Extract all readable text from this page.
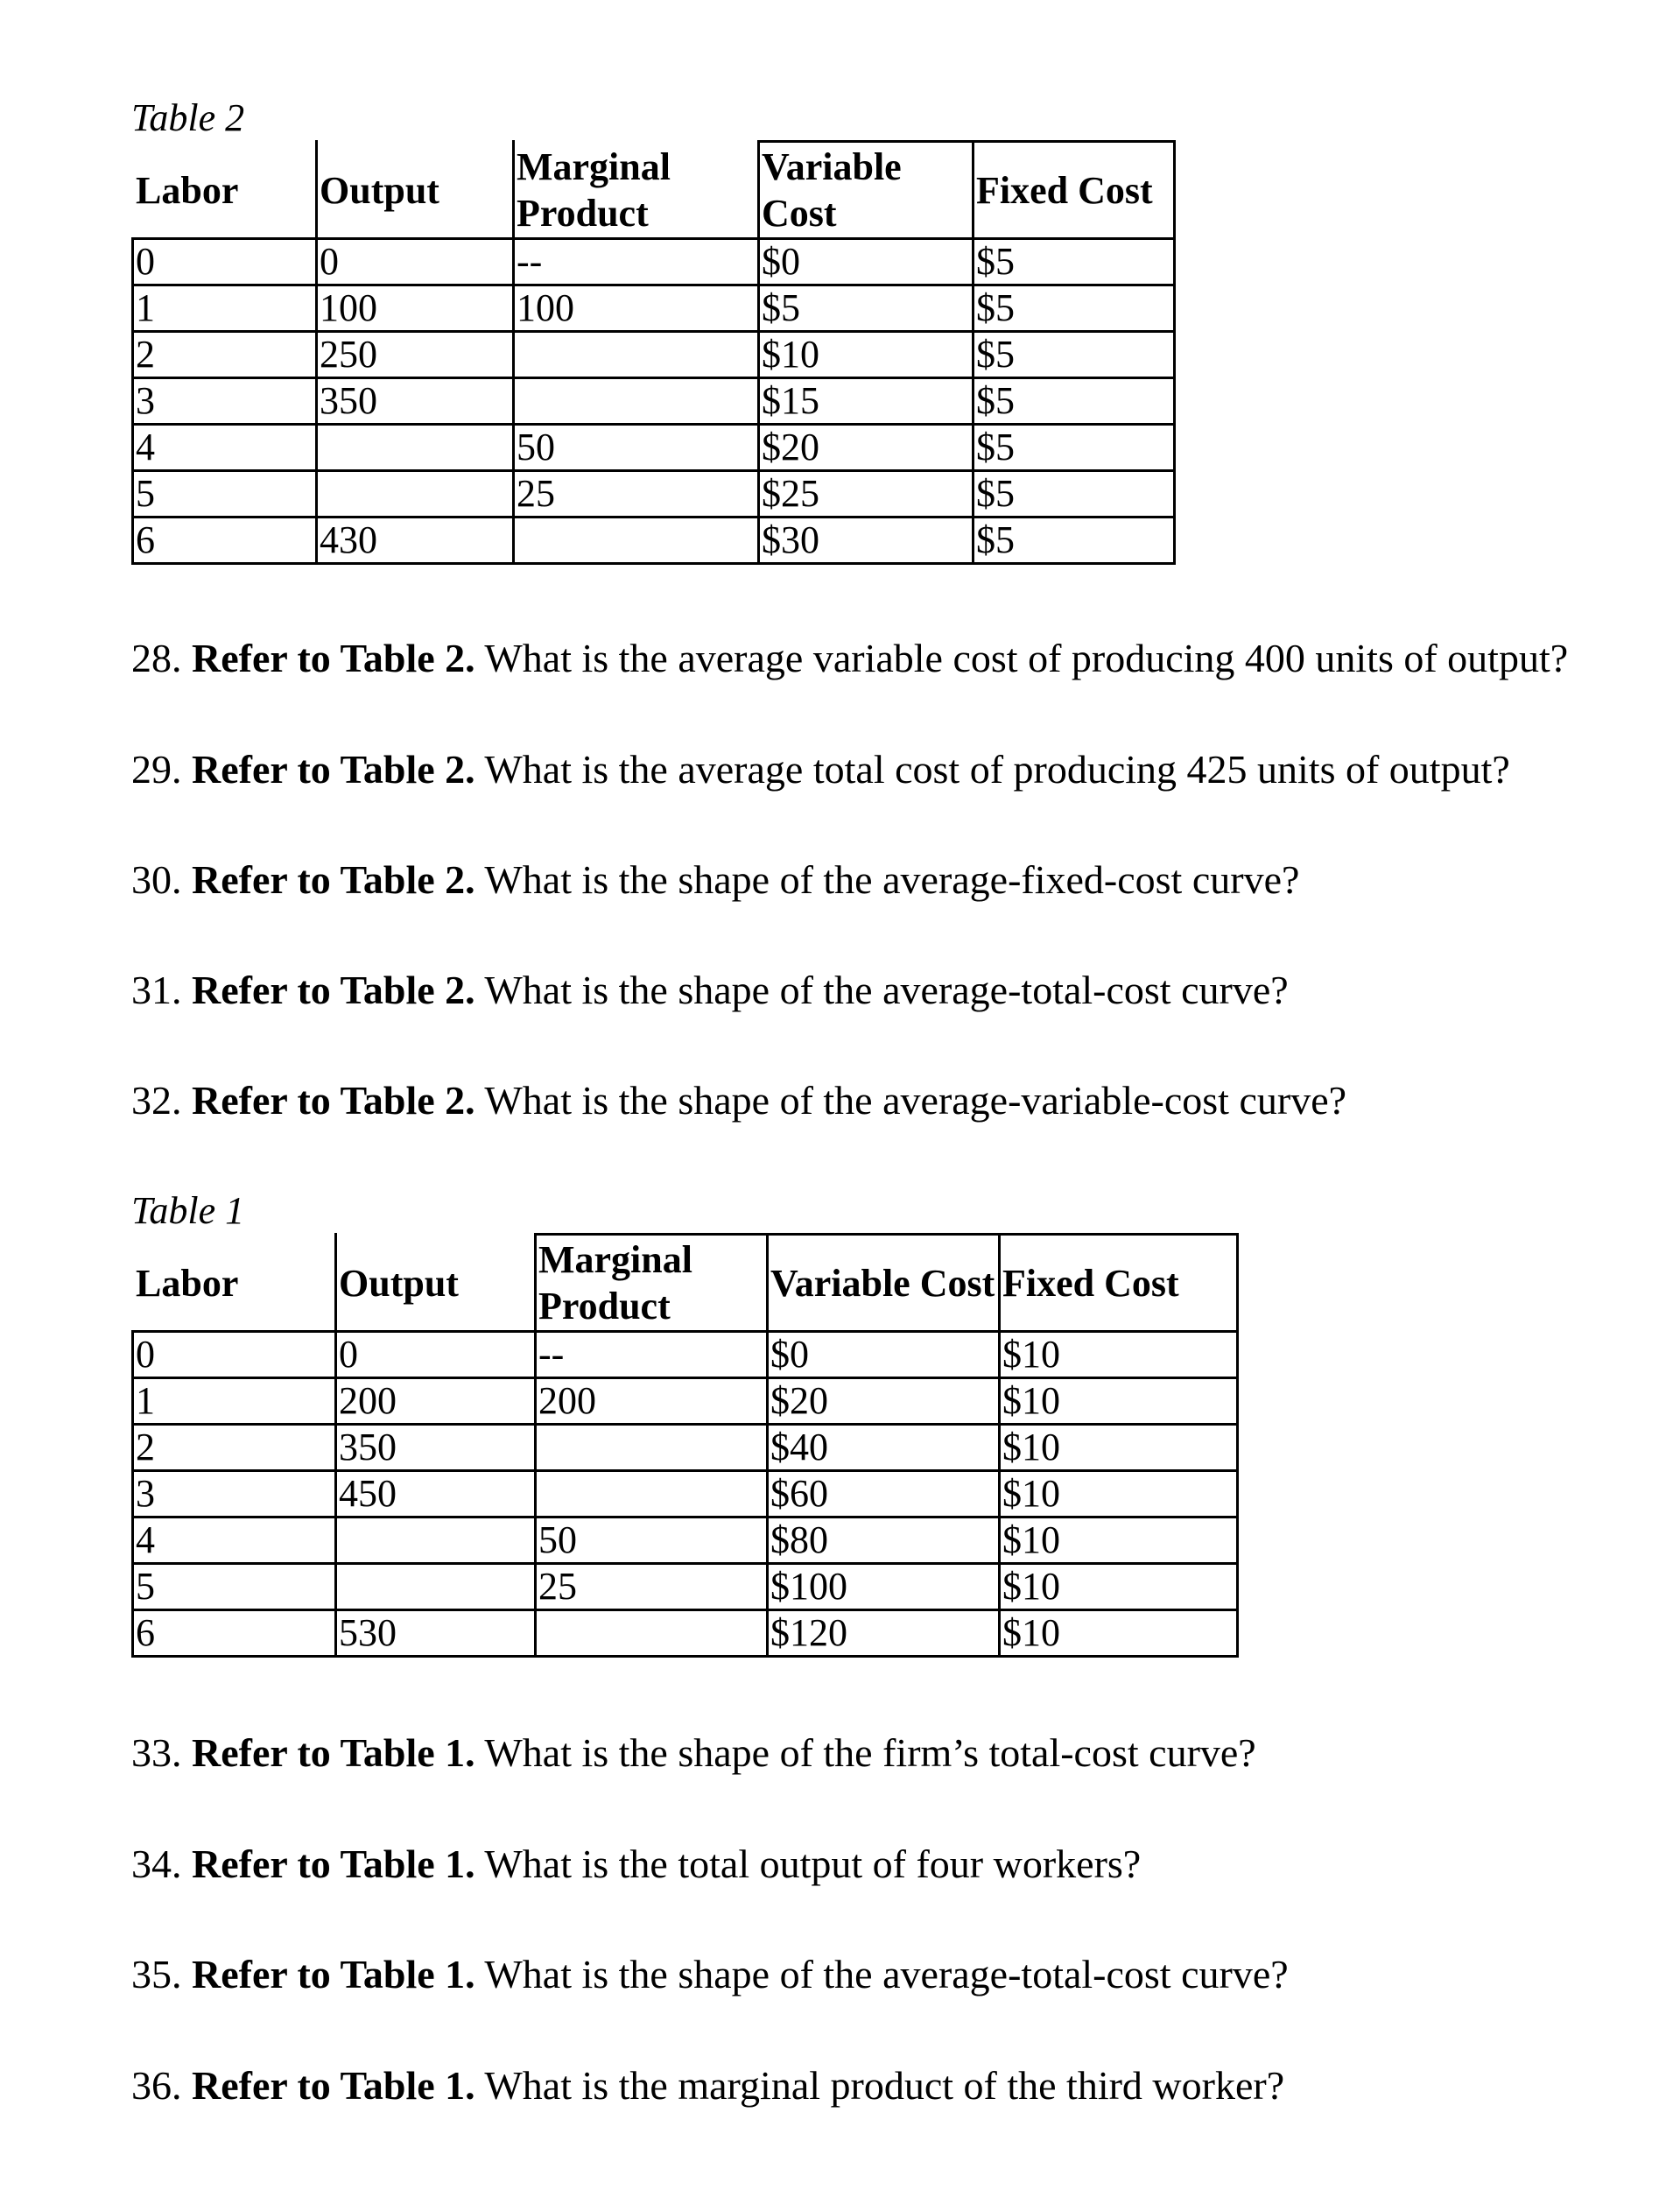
Table 2

Labor	Output	Marginal Product	Variable Cost	Fixed Cost
0	0	--	$0	$5
1	100	100	$5	$5
2	250		$10	$5
3	350		$15	$5
4		50	$20	$5
5		25	$25	$5
6	430		$30	$5

28. Refer to Table 2. What is the average variable cost of producing 400 units of output?

29. Refer to Table 2. What is the average total cost of producing 425 units of output?

30. Refer to Table 2. What is the shape of the average-fixed-cost curve?

31. Refer to Table 2. What is the shape of the average-total-cost curve?

32. Refer to Table 2. What is the shape of the average-variable-cost curve?

Table 1

Labor	Output	Marginal Product	Variable Cost	Fixed Cost
0	0	--	$0	$10
1	200	200	$20	$10
2	350		$40	$10
3	450		$60	$10
4		50	$80	$10
5		25	$100	$10
6	530		$120	$10

33. Refer to Table 1. What is the shape of the firm’s total-cost curve?

34. Refer to Table 1. What is the total output of four workers?

35. Refer to Table 1. What is the shape of the average-total-cost curve?

36. Refer to Table 1. What is the marginal product of the third worker?
